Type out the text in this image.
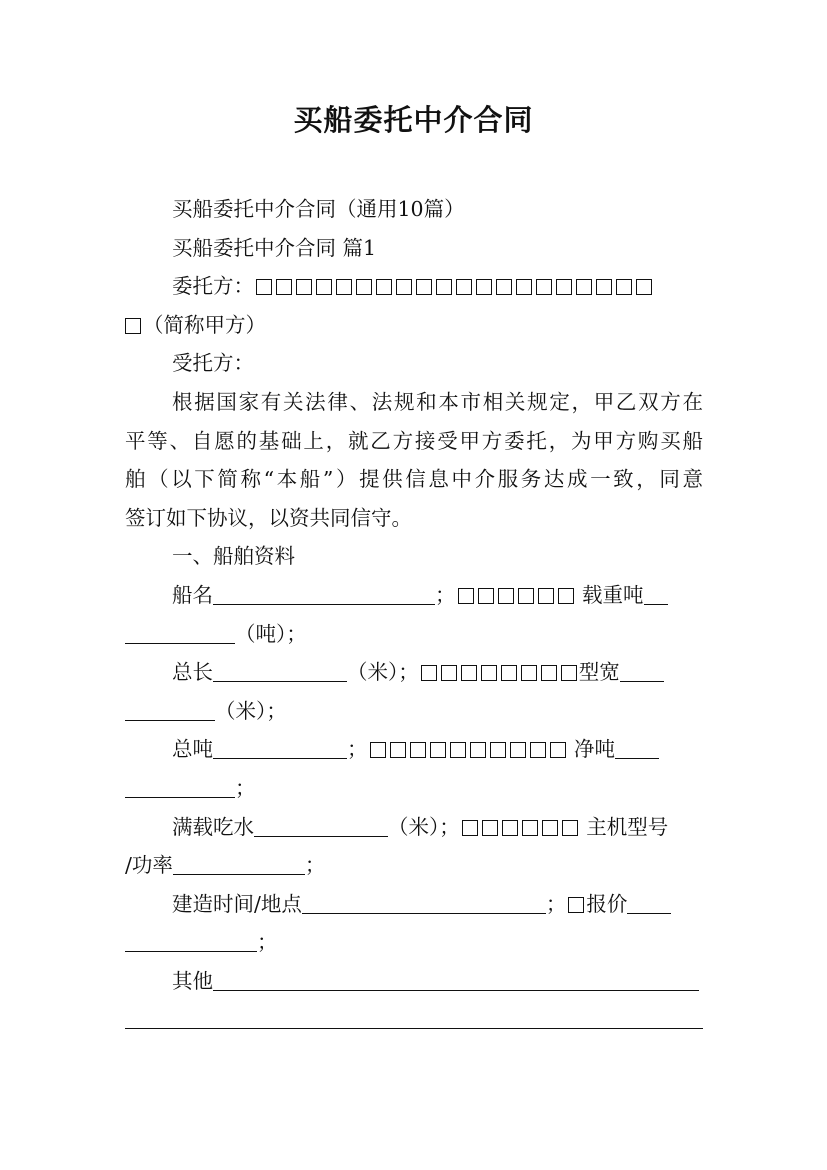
买船委托中介合同
买船委托中介合同（通用10篇）
买船委托中介合同 篇1
委托方：
（简称甲方）
受托方：
根据国家有关法律、法规和本市相关规定，甲乙双方在
平等、自愿的基础上，就乙方接受甲方委托，为甲方购买船
舶（以下简称“本船”）提供信息中介服务达成一致，同意
签订如下协议，以资共同信守。
一、船舶资料
船名	；	载重吨
（吨）；
总长	（米）；	型宽
（米）；
总吨	；	净吨
；
满载吃水	（米）；	主机型号
/功率	；
建造时间/地点	； 报价
；
其他
